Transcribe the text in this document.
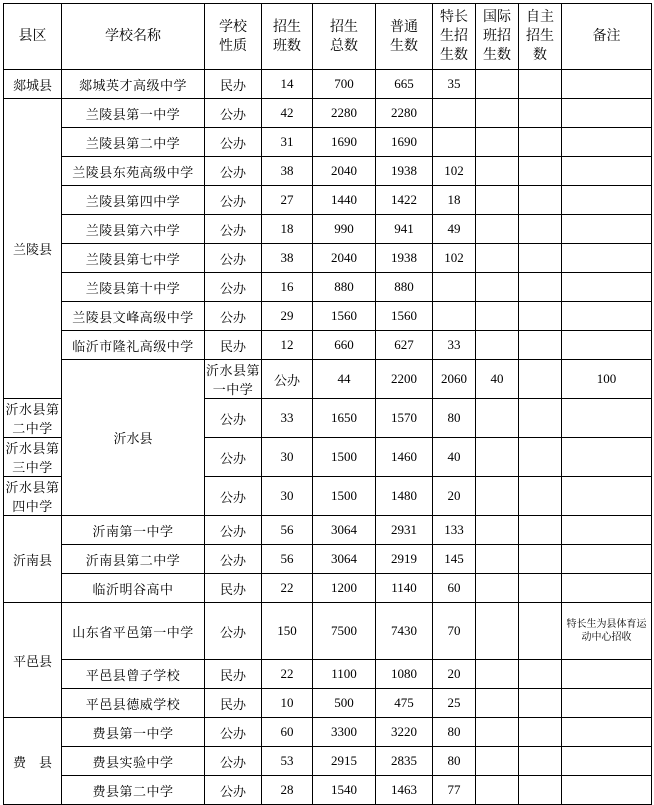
县区	学校名称	学校性质	招生班数	招生总数	普通生数	特长生招生数	国际班招生数	自主招生数	备注	
郯城县	郯城英才高级中学	民办	14	700	665	35				
兰陵县	兰陵县第一中学	公办	42	2280	2280					
	兰陵县第二中学	公办	31	1690	1690					
	兰陵县东苑高级中学	公办	38	2040	1938	102				
	兰陵县第四中学	公办	27	1440	1422	18				
	兰陵县第六中学	公办	18	990	941	49				
	兰陵县第七中学	公办	38	2040	1938	102				
	兰陵县第十中学	公办	16	880	880					
	兰陵县文峰高级中学	公办	29	1560	1560					
	临沂市隆礼高级中学	民办	12	660	627	33				
	沂水县	沂水县第一中学	公办	44	2200	2060	40		100	
沂水县第二中学		公办	33	1650	1570	80				
沂水县第三中学		公办	30	1500	1460	40				
沂水县第四中学		公办	30	1500	1480	20				
沂南县	沂南第一中学	公办	56	3064	2931	133				
	沂南县第二中学	公办	56	3064	2919	145				
	临沂明谷高中	民办	22	1200	1140	60				
平邑县	山东省平邑第一中学	公办	150	7500	7430	70			特长生为县体育运动中心招收	
	平邑县曾子学校	民办	22	1100	1080	20				
	平邑县德威学校	民办	10	500	475	25				
费　县	费县第一中学	公办	60	3300	3220	80				
	费县实验中学	公办	53	2915	2835	80				
	费县第二中学	公办	28	1540	1463	77				
